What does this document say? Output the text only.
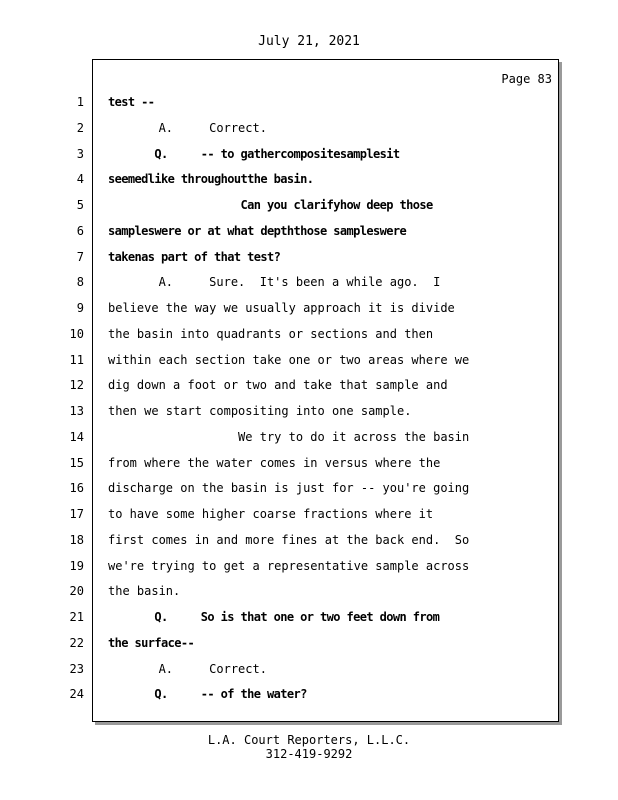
July 21, 2021
Page 83
1 test --
2 A.     Correct.
3 Q.     -- to gathercompositesamplesit
4 seemedlike throughoutthe basin.
5 Can you clarifyhow deep those
6 sampleswere or at what depththose sampleswere
7 takenas part of that test?
8 A.     Sure.  It's been a while ago.  I
9 believe the way we usually approach it is divide
10 the basin into quadrants or sections and then
11 within each section take one or two areas where we
12 dig down a foot or two and take that sample and
13 then we start compositing into one sample.
14 We try to do it across the basin
15 from where the water comes in versus where the
16 discharge on the basin is just for -- you're going
17 to have some higher coarse fractions where it
18 first comes in and more fines at the back end.  So
19 we're trying to get a representative sample across
20 the basin.
21 Q.     So is that one or two feet down from
22 the surface--
23 A.     Correct.
24 Q.     -- of the water?
L.A. Court Reporters, L.L.C.
312-419-9292
